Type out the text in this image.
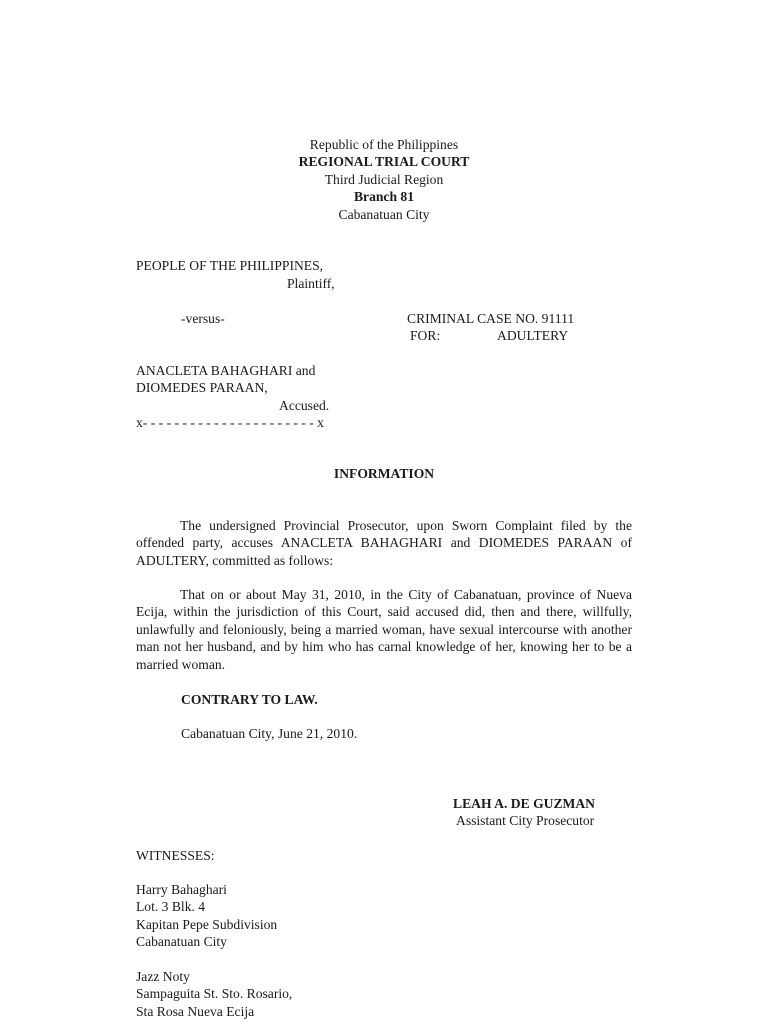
Republic of the Philippines
REGIONAL TRIAL COURT
Third Judicial Region
Branch 81
Cabanatuan City
PEOPLE OF THE PHILIPPINES,
Plaintiff,
-versus-	CRIMINAL CASE NO. 91111
FOR:	ADULTERY
ANACLETA BAHAGHARI and
DIOMEDES PARAAN,
Accused.
x- - - - - - - - - - - - - - - - - - - - - - x
INFORMATION

The undersigned Provincial Prosecutor, upon Sworn Complaint filed by the offended party, accuses ANACLETA BAHAGHARI and DIOMEDES PARAAN of ADULTERY, committed as follows:

That on or about May 31, 2010, in the City of Cabanatuan, province of Nueva Ecija, within the jurisdiction of this Court, said accused did, then and there, willfully, unlawfully and feloniously, being a married woman, have sexual intercourse with another man not her husband, and by him who has carnal knowledge of her, knowing her to be a married woman.

CONTRARY TO LAW.
Cabanatuan City, June 21, 2010.
LEAH A. DE GUZMAN
Assistant City Prosecutor
WITNESSES:
Harry Bahaghari
Lot. 3 Blk. 4
Kapitan Pepe Subdivision
Cabanatuan City
Jazz Noty
Sampaguita St. Sto. Rosario,
Sta Rosa Nueva Ecija
